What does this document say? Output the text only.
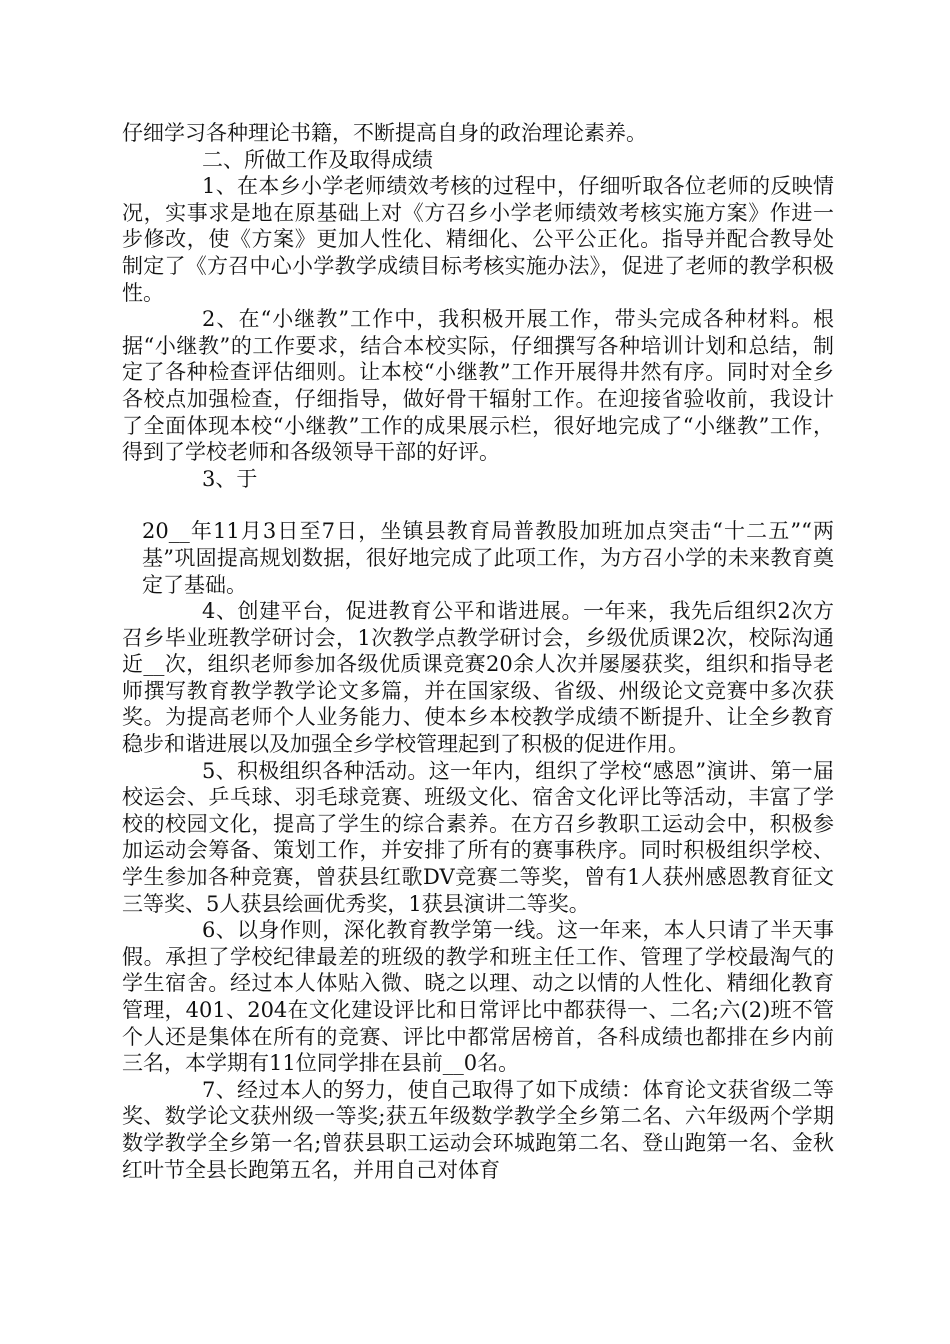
仔细学习各种理论书籍，不断提高自身的政治理论素养。

二、所做工作及取得成绩

1、在本乡小学老师绩效考核的过程中，仔细听取各位老师的反映情况，实事求是地在原基础上对《方召乡小学老师绩效考核实施方案》作进一步修改，使《方案》更加人性化、精细化、公平公正化。指导并配合教导处制定了《方召中心小学教学成绩目标考核实施办法》，促进了老师的教学积极性。

2、在“小继教”工作中，我积极开展工作，带头完成各种材料。根据“小继教”的工作要求，结合本校实际，仔细撰写各种培训计划和总结，制定了各种检查评估细则。让本校“小继教”工作开展得井然有序。同时对全乡各校点加强检查，仔细指导，做好骨干辐射工作。在迎接省验收前，我设计了全面体现本校“小继教”工作的成果展示栏，很好地完成了“小继教”工作，得到了学校老师和各级领导干部的好评。

3、于

20__年11月3日至7日，坐镇县教育局普教股加班加点突击“十二五”“两基”巩固提高规划数据，很好地完成了此项工作，为方召小学的未来教育奠定了基础。

4、创建平台，促进教育公平和谐进展。一年来，我先后组织2次方召乡毕业班教学研讨会，1次教学点教学研讨会，乡级优质课2次，校际沟通近__次，组织老师参加各级优质课竞赛20余人次并屡屡获奖，组织和指导老师撰写教育教学教学论文多篇，并在国家级、省级、州级论文竞赛中多次获奖。为提高老师个人业务能力、使本乡本校教学成绩不断提升、让全乡教育稳步和谐进展以及加强全乡学校管理起到了积极的促进作用。

5、积极组织各种活动。这一年内，组织了学校“感恩”演讲、第一届校运会、乒乓球、羽毛球竞赛、班级文化、宿舍文化评比等活动，丰富了学校的校园文化，提高了学生的综合素养。在方召乡教职工运动会中，积极参加运动会筹备、策划工作，并安排了所有的赛事秩序。同时积极组织学校、学生参加各种竞赛，曾获县红歌DV竞赛二等奖，曾有1人获州感恩教育征文三等奖、5人获县绘画优秀奖，1获县演讲二等奖。

6、以身作则，深化教育教学第一线。这一年来，本人只请了半天事假。承担了学校纪律最差的班级的教学和班主任工作、管理了学校最淘气的学生宿舍。经过本人体贴入微、晓之以理、动之以情的人性化、精细化教育管理，401、204在文化建设评比和日常评比中都获得一、二名;六(2)班不管个人还是集体在所有的竞赛、评比中都常居榜首，各科成绩也都排在乡内前三名，本学期有11位同学排在县前__0名。

7、经过本人的努力，使自己取得了如下成绩：体育论文获省级二等奖、数学论文获州级一等奖;获五年级数学教学全乡第二名、六年级两个学期数学教学全乡第一名;曾获县职工运动会环城跑第二名、登山跑第一名、金秋红叶节全县长跑第五名，并用自己对体育
